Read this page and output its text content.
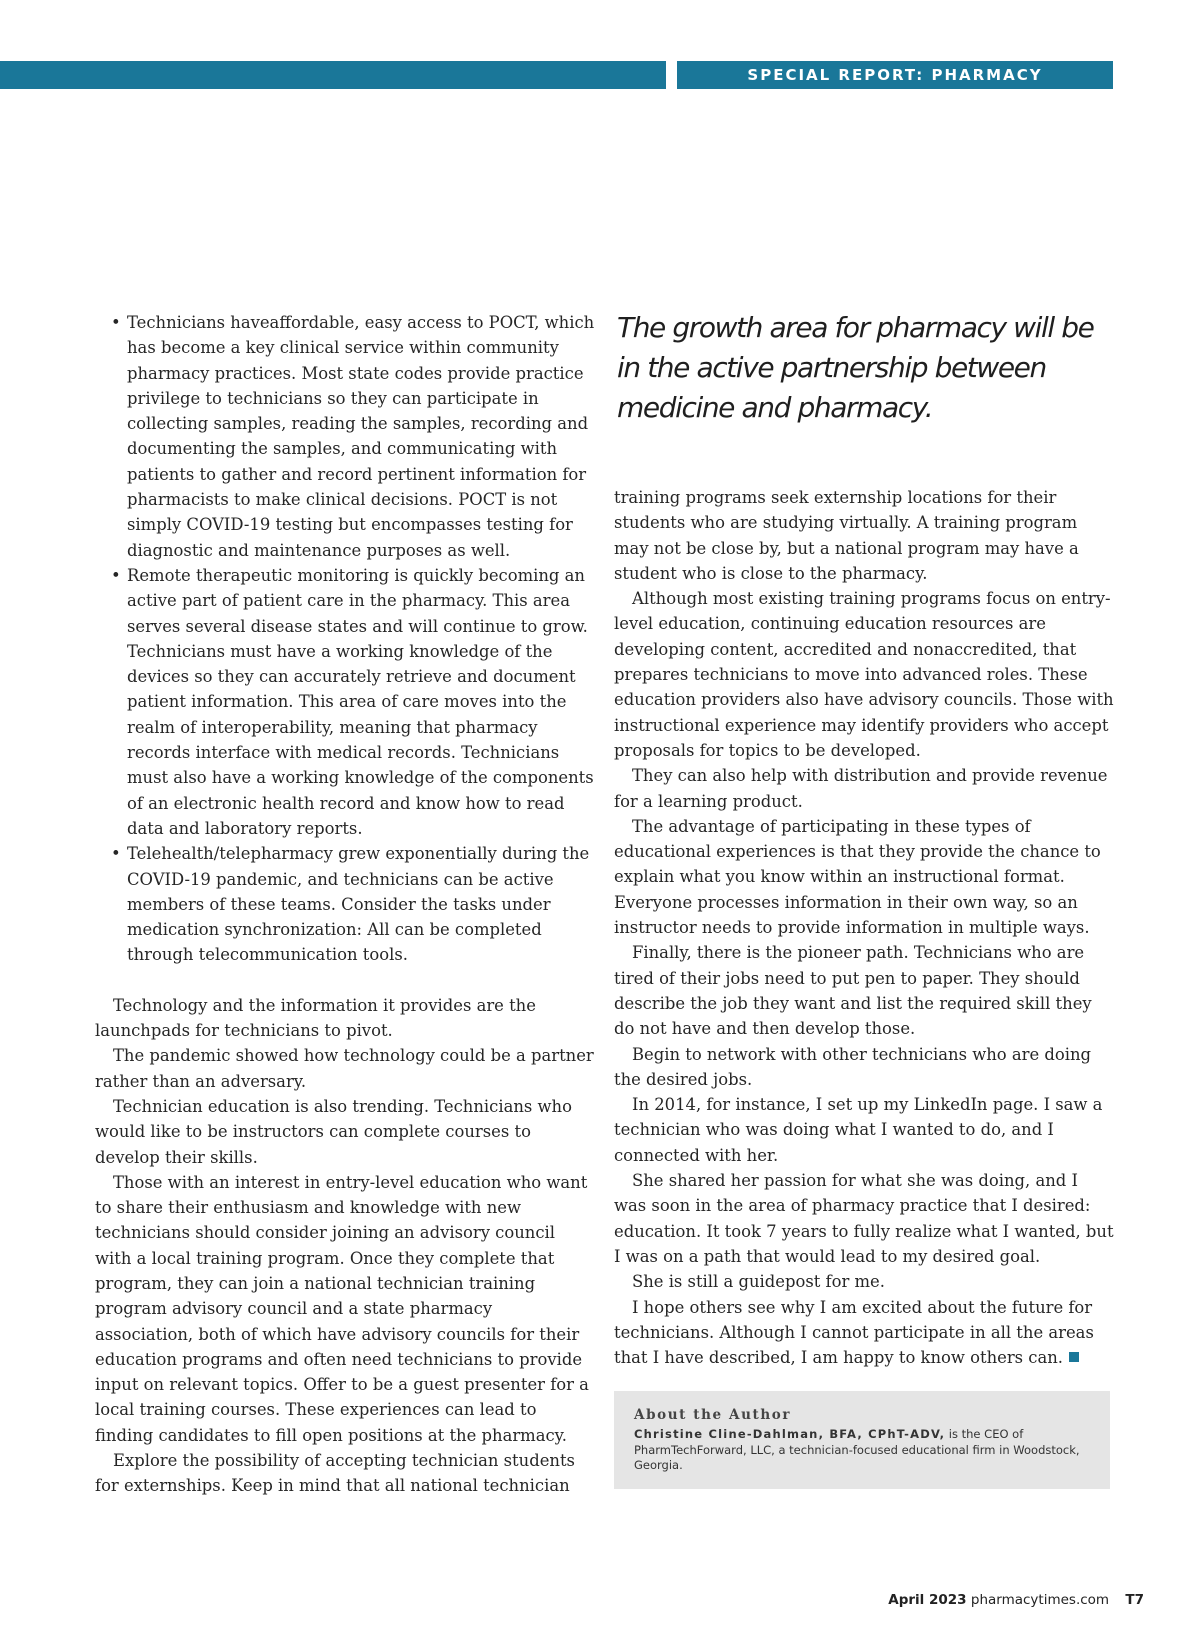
SPECIAL REPORT: PHARMACY TECHNICIANS
• Technicians haveaffordable, easy access to POCT, which has become a key clinical service within community pharmacy practices. Most state codes provide practice privilege to technicians so they can participate in collecting samples, reading the samples, recording and documenting the samples, and communicating with patients to gather and record pertinent information for pharmacists to make clinical decisions. POCT is not simply COVID-19 testing but encompasses testing for diagnostic and maintenance purposes as well.
• Remote therapeutic monitoring is quickly becoming an active part of patient care in the pharmacy. This area serves several disease states and will continue to grow. Technicians must have a working knowledge of the devices so they can accurately retrieve and document patient information. This area of care moves into the realm of interoperability, meaning that pharmacy records interface with medical records. Technicians must also have a working knowledge of the components of an electronic health record and know how to read data and laboratory reports.
• Telehealth/telepharmacy grew exponentially during the COVID-19 pandemic, and technicians can be active members of these teams. Consider the tasks under medication synchronization: All can be completed through telecommunication tools.

Technology and the information it provides are the launchpads for technicians to pivot.

The pandemic showed how technology could be a partner rather than an adversary.

Technician education is also trending. Technicians who would like to be instructors can complete courses to develop their skills.

Those with an interest in entry-level education who want to share their enthusiasm and knowledge with new technicians should consider joining an advisory council with a local training program. Once they complete that program, they can join a national technician training program advisory council and a state pharmacy association, both of which have advisory councils for their education programs and often need technicians to provide input on relevant topics. Offer to be a guest presenter for a local training courses. These experiences can lead to finding candidates to fill open positions at the pharmacy.

Explore the possibility of accepting technician students for externships. Keep in mind that all national technician

The growth area for pharmacy will be in the active partnership between medicine and pharmacy.

training programs seek externship locations for their students who are studying virtually. A training program may not be close by, but a national program may have a student who is close to the pharmacy.

Although most existing training programs focus on entry-level education, continuing education resources are developing content, accredited and nonaccredited, that prepares technicians to move into advanced roles. These education providers also have advisory councils. Those with instructional experience may identify providers who accept proposals for topics to be developed.

They can also help with distribution and provide revenue for a learning product.

The advantage of participating in these types of educational experiences is that they provide the chance to explain what you know within an instructional format. Everyone processes information in their own way, so an instructor needs to provide information in multiple ways.

Finally, there is the pioneer path. Technicians who are tired of their jobs need to put pen to paper. They should describe the job they want and list the required skill they do not have and then develop those.

Begin to network with other technicians who are doing the desired jobs.

In 2014, for instance, I set up my LinkedIn page. I saw a technician who was doing what I wanted to do, and I connected with her.

She shared her passion for what she was doing, and I was soon in the area of pharmacy practice that I desired: education. It took 7 years to fully realize what I wanted, but I was on a path that would lead to my desired goal.

She is still a guidepost for me.

I hope others see why I am excited about the future for technicians. Although I cannot participate in all the areas that I have described, I am happy to know others can.

About the Author
Christine Cline-Dahlman, BFA, CPhT-ADV, is the CEO of PharmTechForward, LLC, a technician-focused educational firm in Woodstock, Georgia.
April 2023 pharmacytimes.com T7
